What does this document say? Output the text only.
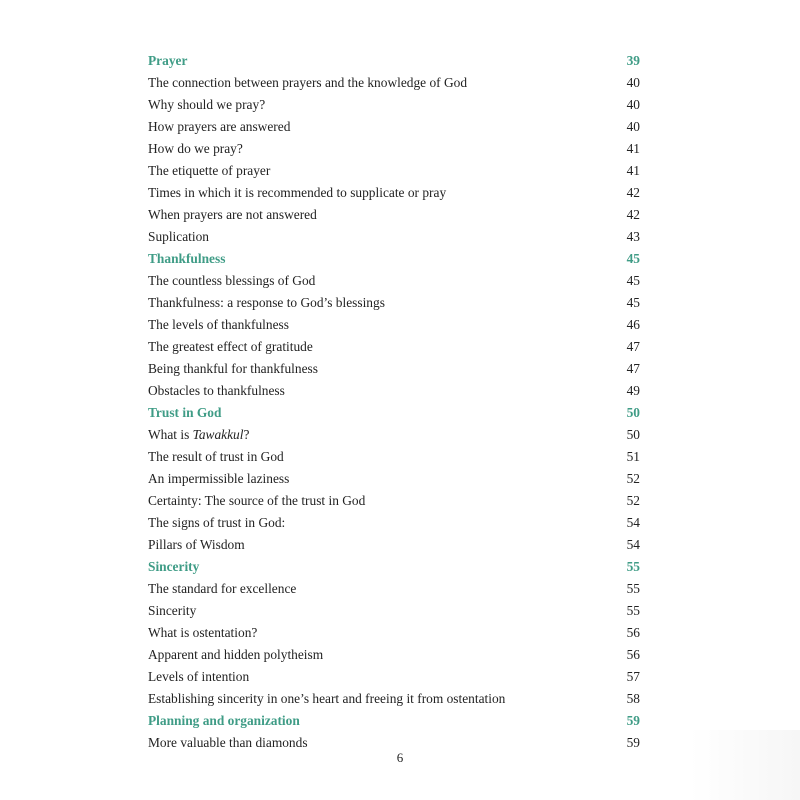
Prayer	39
The connection between prayers and the knowledge of God	40
Why should we pray?	40
How prayers are answered	40
How do we pray?	41
The etiquette of prayer	41
Times in which it is recommended to supplicate or pray	42
When prayers are not answered	42
Suplication	43
Thankfulness	45
The countless blessings of God	45
Thankfulness: a response to God’s blessings	45
The levels of thankfulness	46
The greatest effect of gratitude	47
Being thankful for thankfulness	47
Obstacles to thankfulness	49
Trust in God	50
What is Tawakkul?	50
The result of trust in God	51
An impermissible laziness	52
Certainty: The source of the trust in God	52
The signs of trust in God:	54
Pillars of Wisdom	54
Sincerity	55
The standard for excellence	55
Sincerity	55
What is ostentation?	56
Apparent and hidden polytheism	56
Levels of intention	57
Establishing sincerity in one’s heart and freeing it from ostentation	58
Planning and organization	59
More valuable than diamonds	59
6
